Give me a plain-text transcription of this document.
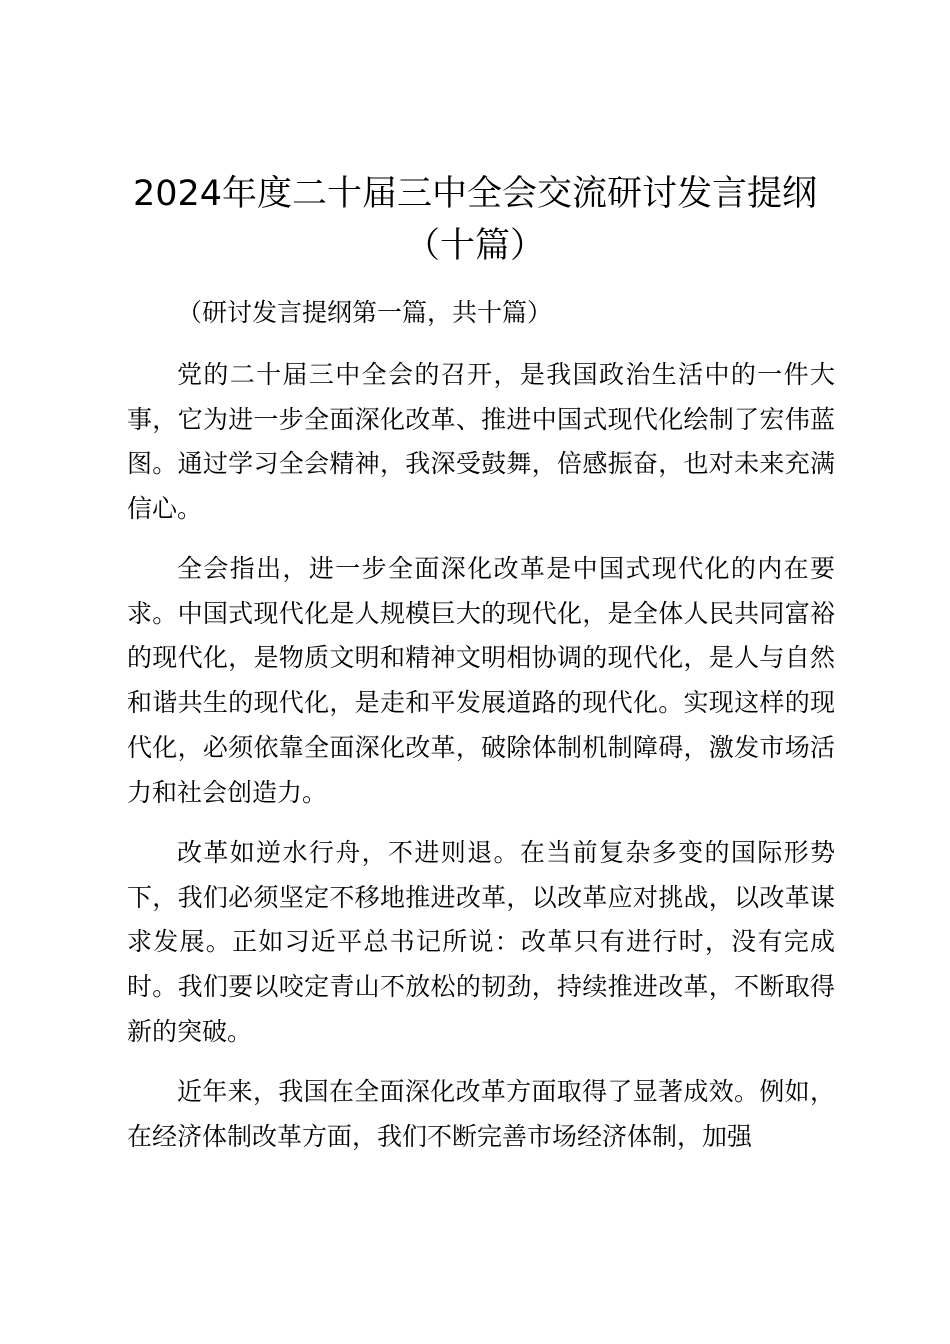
2024年度二十届三中全会交流研讨发言提纲
（十篇）

（研讨发言提纲第一篇，共十篇）

党的二十届三中全会的召开，是我国政治生活中的一件大事，它为进一步全面深化改革、推进中国式现代化绘制了宏伟蓝图。通过学习全会精神，我深受鼓舞，倍感振奋，也对未来充满信心。

全会指出，进一步全面深化改革是中国式现代化的内在要求。中国式现代化是人规模巨大的现代化，是全体人民共同富裕的现代化，是物质文明和精神文明相协调的现代化，是人与自然和谐共生的现代化，是走和平发展道路的现代化。实现这样的现代化，必须依靠全面深化改革，破除体制机制障碍，激发市场活力和社会创造力。

改革如逆水行舟，不进则退。在当前复杂多变的国际形势下，我们必须坚定不移地推进改革，以改革应对挑战，以改革谋求发展。正如习近平总书记所说：改革只有进行时，没有完成时。我们要以咬定青山不放松的韧劲，持续推进改革，不断取得新的突破。

近年来，我国在全面深化改革方面取得了显著成效。例如，在经济体制改革方面，我们不断完善市场经济体制，加强
